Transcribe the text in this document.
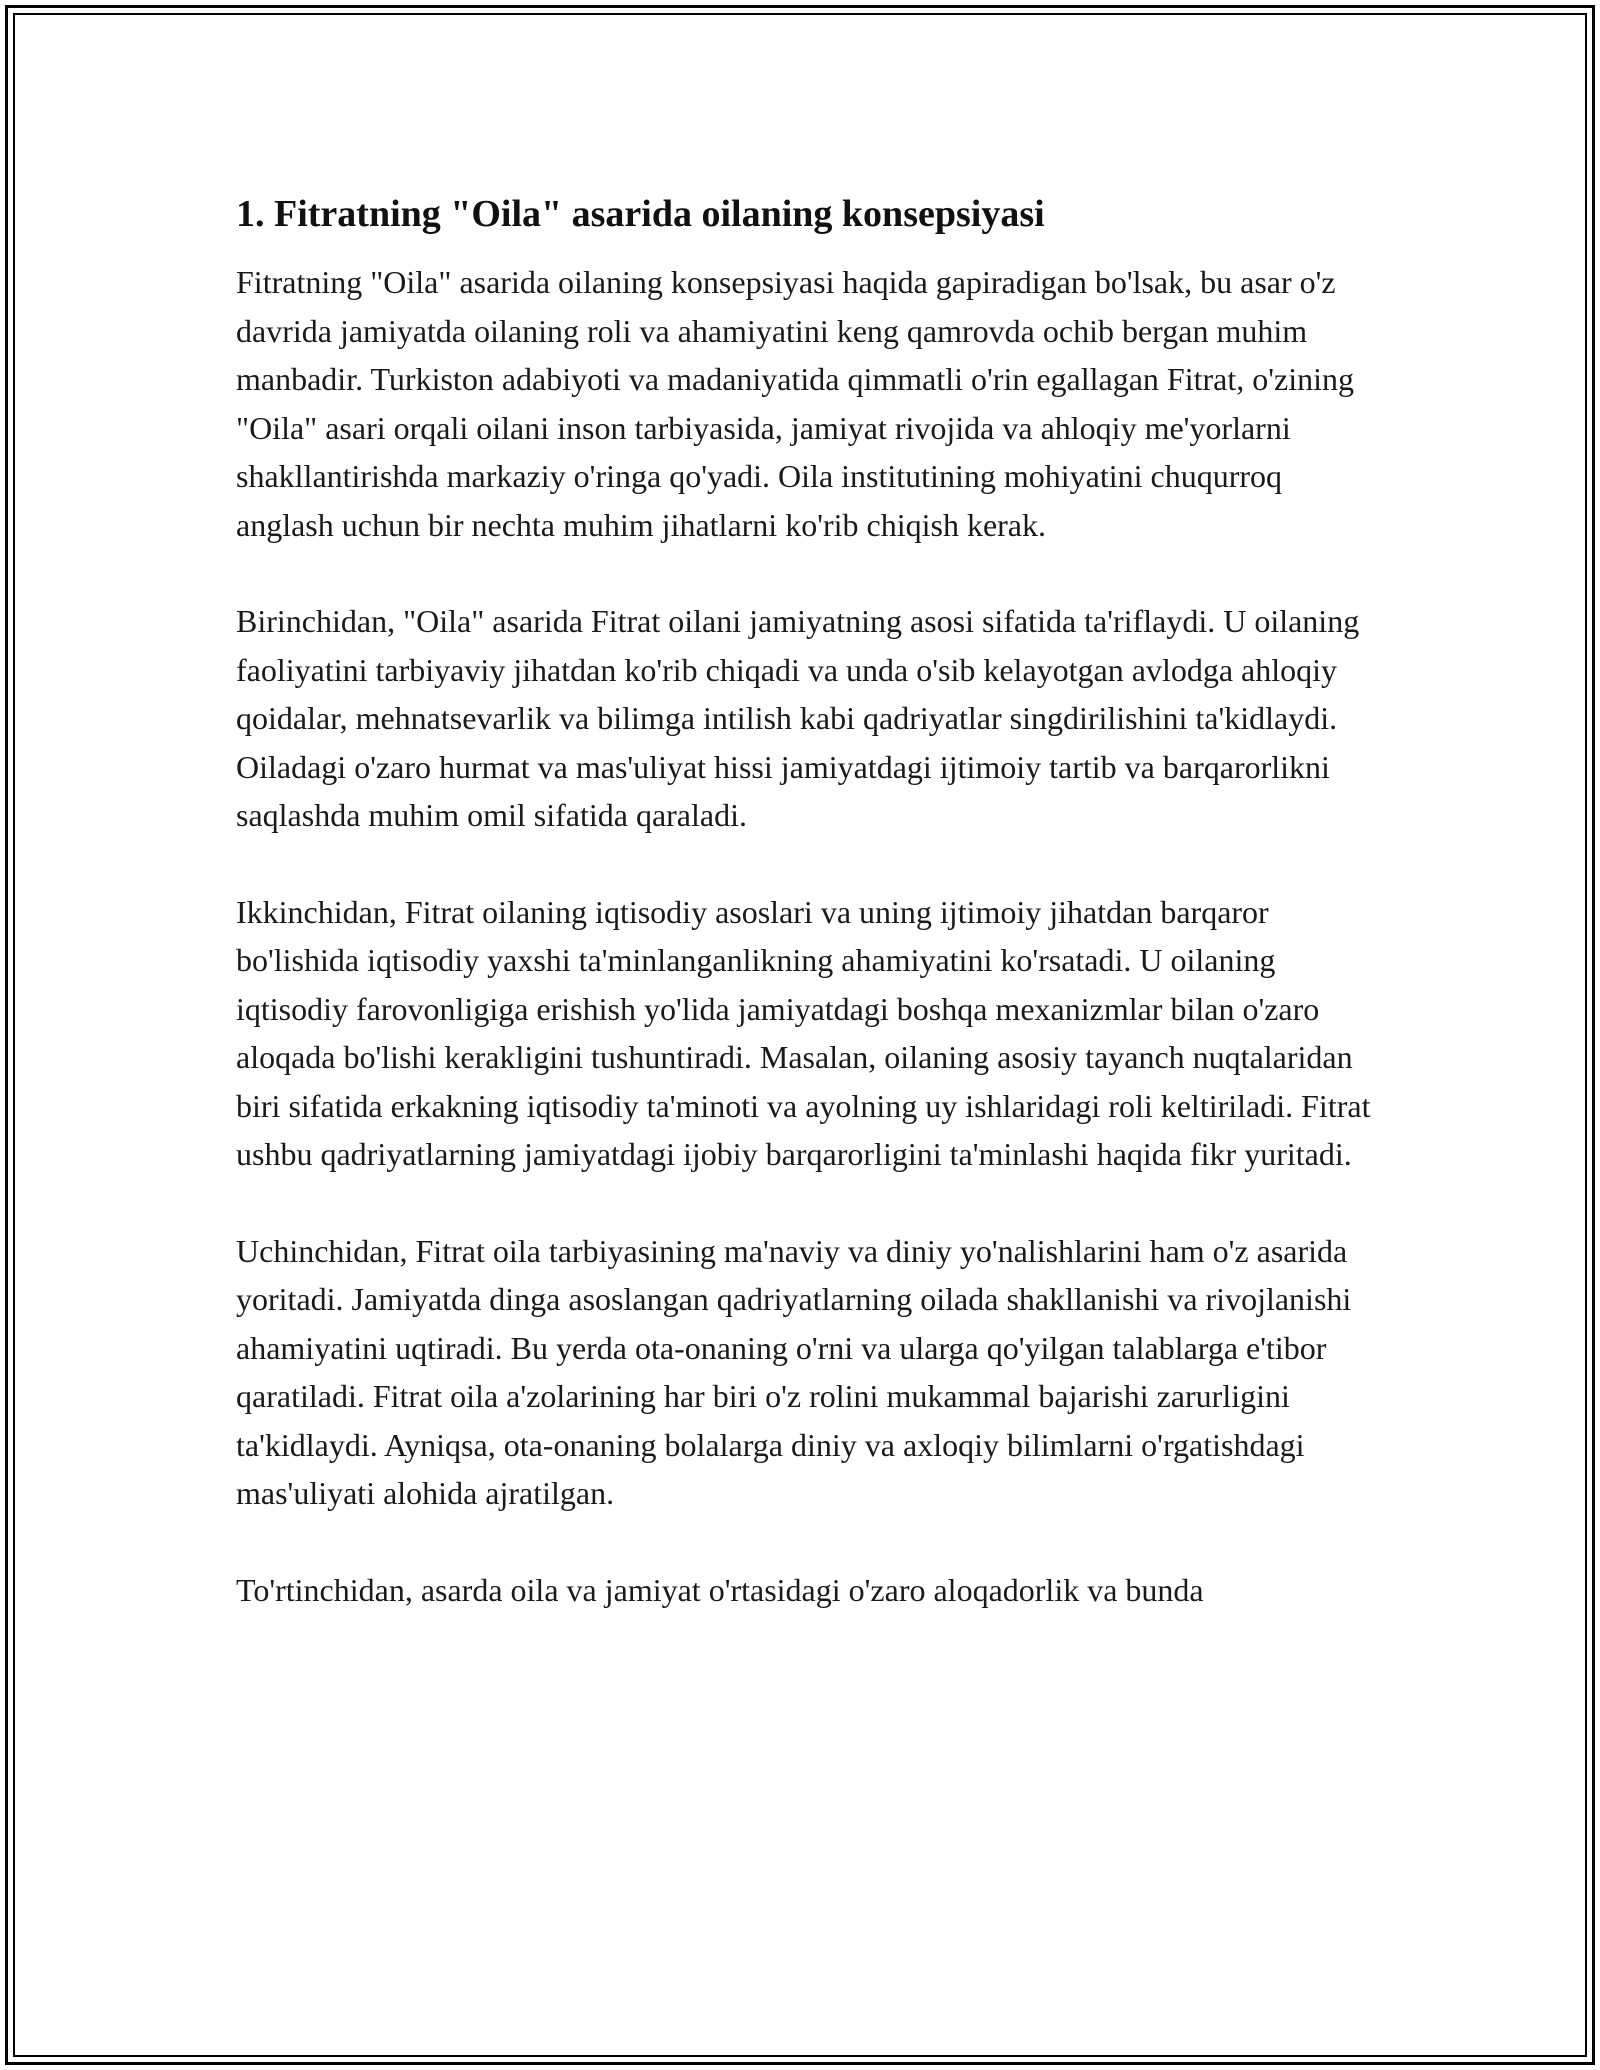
1. Fitratning "Oila" asarida oilaning konsepsiyasi

Fitratning "Oila" asarida oilaning konsepsiyasi haqida gapiradigan bo'lsak, bu asar o'z davrida jamiyatda oilaning roli va ahamiyatini keng qamrovda ochib bergan muhim manbadir. Turkiston adabiyoti va madaniyatida qimmatli o'rin egallagan Fitrat, o'zining "Oila" asari orqali oilani inson tarbiyasida, jamiyat rivojida va ahloqiy me'yorlarni shakllantirishda markaziy o'ringa qo'yadi. Oila institutining mohiyatini chuqurroq anglash uchun bir nechta muhim jihatlarni ko'rib chiqish kerak.

Birinchidan, "Oila" asarida Fitrat oilani jamiyatning asosi sifatida ta'riflaydi. U oilaning faoliyatini tarbiyaviy jihatdan ko'rib chiqadi va unda o'sib kelayotgan avlodga ahloqiy qoidalar, mehnatsevarlik va bilimga intilish kabi qadriyatlar singdirilishini ta'kidlaydi. Oiladagi o'zaro hurmat va mas'uliyat hissi jamiyatdagi ijtimoiy tartib va barqarorlikni saqlashda muhim omil sifatida qaraladi.

Ikkinchidan, Fitrat oilaning iqtisodiy asoslari va uning ijtimoiy jihatdan barqaror bo'lishida iqtisodiy yaxshi ta'minlanganlikning ahamiyatini ko'rsatadi. U oilaning iqtisodiy farovonligiga erishish yo'lida jamiyatdagi boshqa mexanizmlar bilan o'zaro aloqada bo'lishi kerakligini tushuntiradi. Masalan, oilaning asosiy tayanch nuqtalaridan biri sifatida erkakning iqtisodiy ta'minoti va ayolning uy ishlaridagi roli keltiriladi. Fitrat ushbu qadriyatlarning jamiyatdagi ijobiy barqarorligini ta'minlashi haqida fikr yuritadi.

Uchinchidan, Fitrat oila tarbiyasining ma'naviy va diniy yo'nalishlarini ham o'z asarida yoritadi. Jamiyatda dinga asoslangan qadriyatlarning oilada shakllanishi va rivojlanishi ahamiyatini uqtiradi. Bu yerda ota-onaning o'rni va ularga qo'yilgan talablarga e'tibor qaratiladi. Fitrat oila a'zolarining har biri o'z rolini mukammal bajarishi zarurligini ta'kidlaydi. Ayniqsa, ota-onaning bolalarga diniy va axloqiy bilimlarni o'rgatishdagi mas'uliyati alohida ajratilgan.

To'rtinchidan, asarda oila va jamiyat o'rtasidagi o'zaro aloqadorlik va bunda
